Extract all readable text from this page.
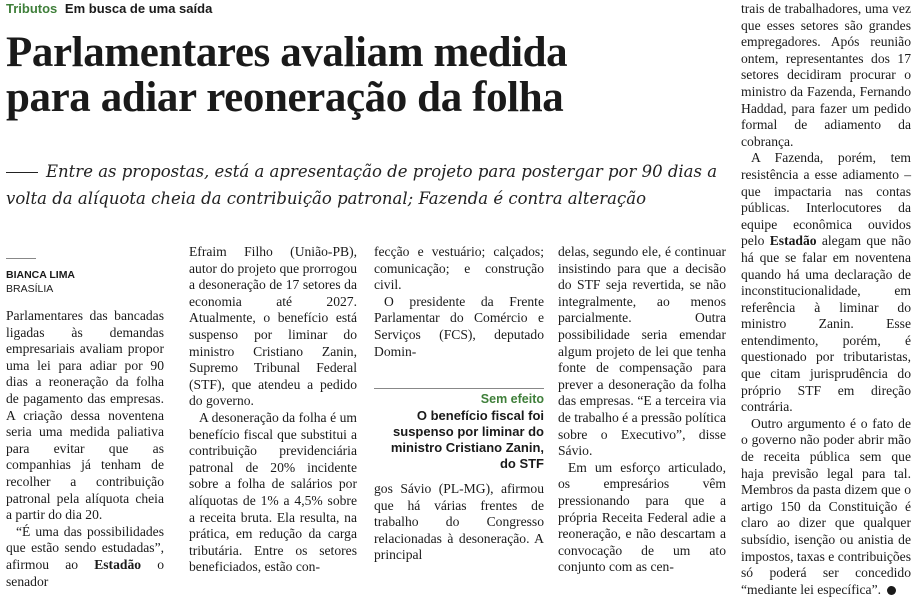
Tributos Em busca de uma saída
Parlamentares avaliam medida
para adiar reoneração da folha
Entre as propostas, está a apresentação de projeto para postergar por 90 dias a volta da alíquota cheia da contribuição patronal; Fazenda é contra alteração
BIANCA LIMA
BRASÍLIA

Parlamentares das bancadas ligadas às demandas empresariais avaliam propor uma lei para adiar por 90 dias a reoneração da folha de pagamento das empresas. A criação dessa noventena seria uma medida paliativa para evitar que as companhias já tenham de recolher a contribuição patronal pela alíquota cheia a partir do dia 20.

“É uma das possibilidades que estão sendo estudadas”, afirmou ao Estadão o senador

Efraim Filho (União-PB), autor do projeto que prorrogou a desoneração de 17 setores da economia até 2027. Atualmente, o benefício está suspenso por liminar do ministro Cristiano Zanin, Supremo Tribunal Federal (STF), que atendeu a pedido do governo.

A desoneração da folha é um benefício fiscal que substitui a contribuição previdenciária patronal de 20% incidente sobre a folha de salários por alíquotas de 1% a 4,5% sobre a receita bruta. Ela resulta, na prática, em redução da carga tributária. Entre os setores beneficiados, estão con-

fecção e vestuário; calçados; comunicação; e construção civil.

O presidente da Frente Parlamentar do Comércio e Serviços (FCS), deputado Domin-

Sem efeito
O benefício fiscal foi suspenso por liminar do ministro Cristiano Zanin, do STF

gos Sávio (PL-MG), afirmou que há várias frentes de trabalho do Congresso relacionadas à desoneração. A principal

delas, segundo ele, é continuar insistindo para que a decisão do STF seja revertida, se não integralmente, ao menos parcialmente. Outra possibilidade seria emendar algum projeto de lei que tenha fonte de compensação para prever a desoneração da folha das empresas. “E a terceira via de trabalho é a pressão política sobre o Executivo”, disse Sávio.

Em um esforço articulado, os empresários vêm pressionando para que a própria Receita Federal adie a reoneração, e não descartam a convocação de um ato conjunto com as cen-

trais de trabalhadores, uma vez que esses setores são grandes empregadores. Após reunião ontem, representantes dos 17 setores decidiram procurar o ministro da Fazenda, Fernando Haddad, para fazer um pedido formal de adiamento da cobrança.

A Fazenda, porém, tem resistência a esse adiamento – que impactaria nas contas públicas. Interlocutores da equipe econômica ouvidos pelo Estadão alegam que não há que se falar em noventena quando há uma declaração de inconstitucionalidade, em referência à liminar do ministro Zanin. Esse entendimento, porém, é questionado por tributaristas, que citam jurisprudência do próprio STF em direção contrária.

Outro argumento é o fato de o governo não poder abrir mão de receita pública sem que haja previsão legal para tal. Membros da pasta dizem que o artigo 150 da Constituição é claro ao dizer que qualquer subsídio, isenção ou anistia de impostos, taxas e contribuições só poderá ser concedido “mediante lei específica”.
